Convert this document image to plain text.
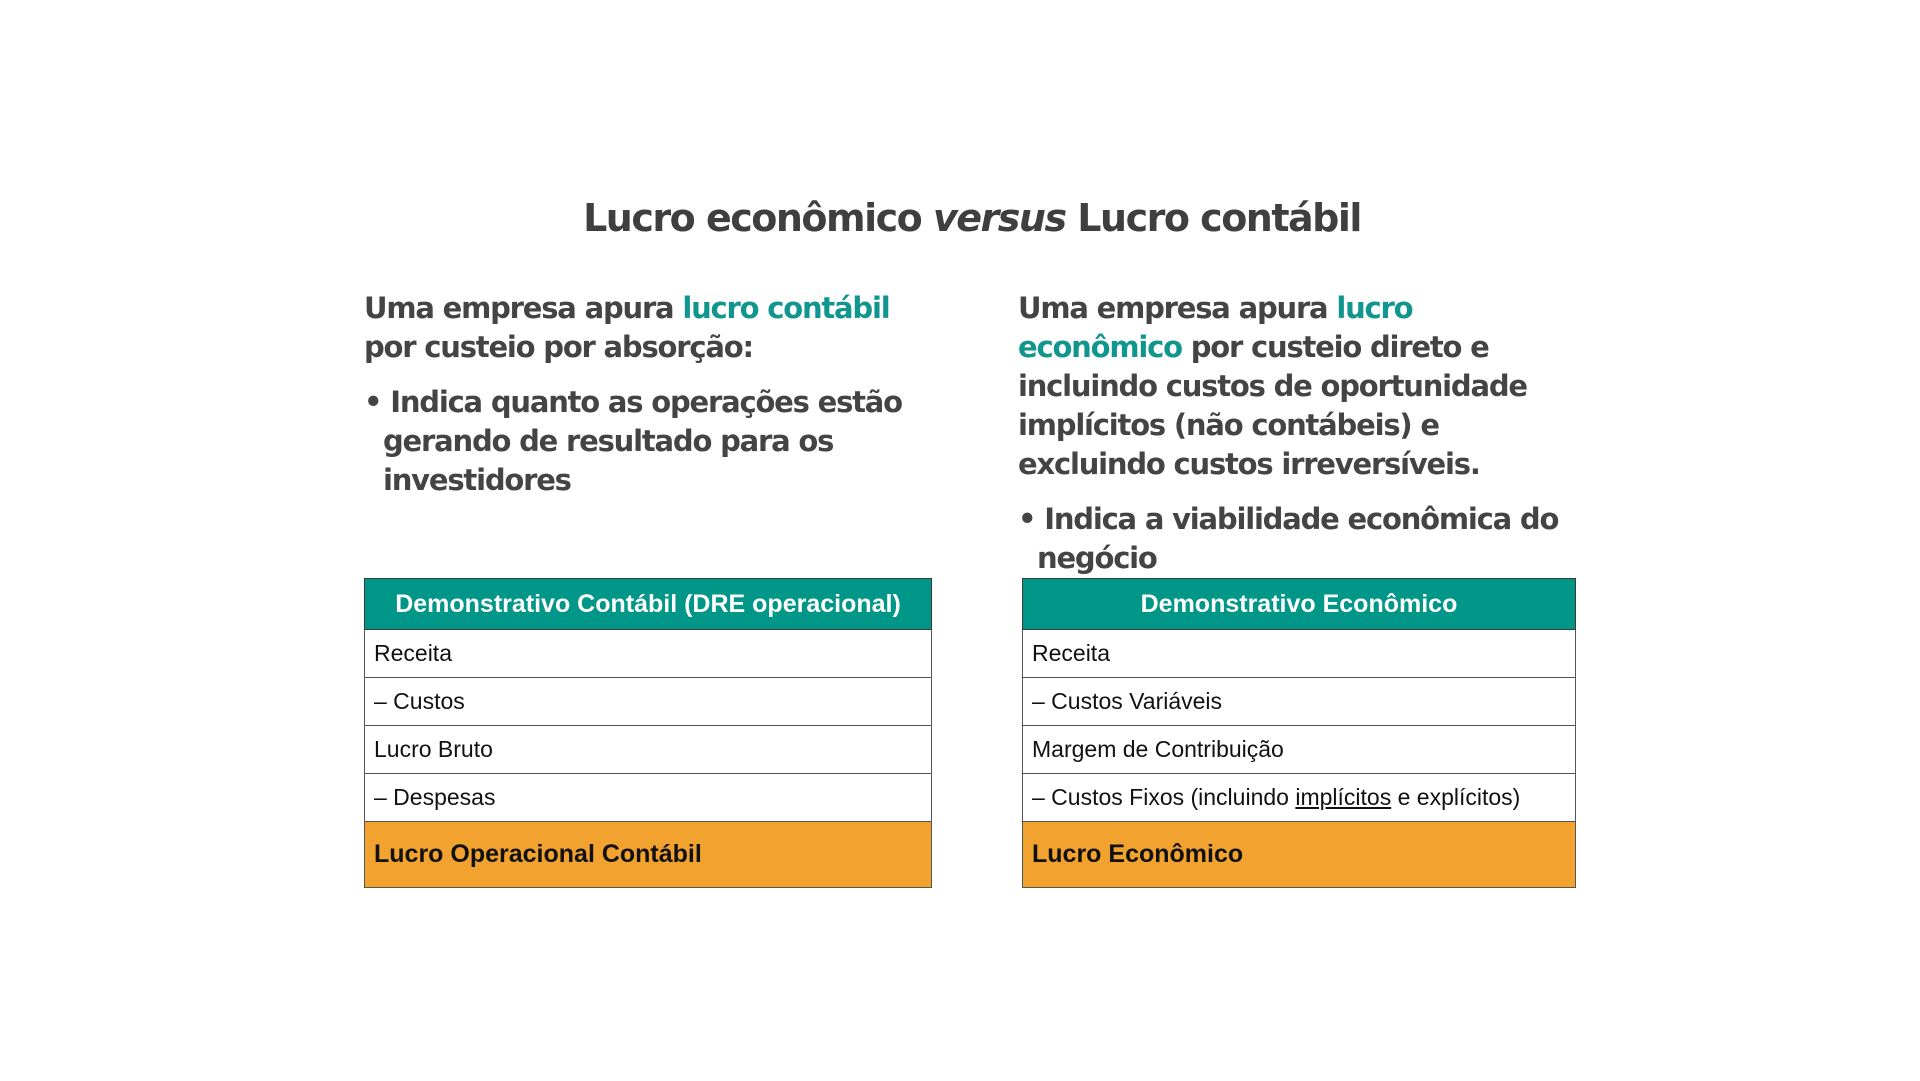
Lucro econômico versus Lucro contábil

Uma empresa apura lucro contábil por custeio por absorção:

• Indica quanto as operações estão gerando de resultado para os investidores

Uma empresa apura lucro econômico por custeio direto e incluindo custos de oportunidade implícitos (não contábeis) e excluindo custos irreversíveis.

• Indica a viabilidade econômica do negócio

Demonstrativo Contábil (DRE operacional)
Receita
– Custos
Lucro Bruto
– Despesas
Lucro Operacional Contábil
Demonstrativo Econômico
Receita
– Custos Variáveis
Margem de Contribuição
– Custos Fixos (incluindo implícitos e explícitos)
Lucro Econômico
